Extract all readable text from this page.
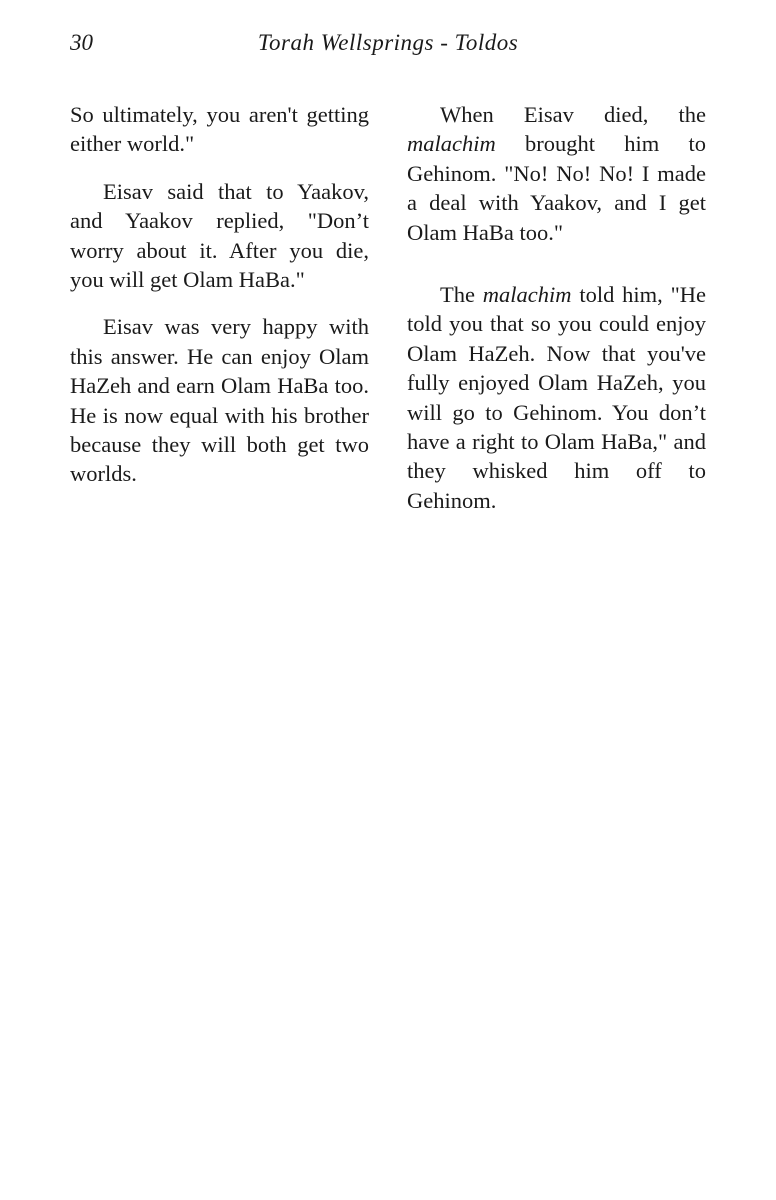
30	Torah Wellsprings - Toldos

So ultimately, you aren't getting either world."

Eisav said that to Yaakov, and Yaakov replied, "Don’t worry about it. After you die, you will get Olam HaBa."

Eisav was very happy with this answer. He can enjoy Olam HaZeh and earn Olam HaBa too. He is now equal with his brother because they will both get two worlds.

When Eisav died, the malachim brought him to Gehinom. "No! No! No! I made a deal with Yaakov, and I get Olam HaBa too."

The malachim told him, "He told you that so you could enjoy Olam HaZeh. Now that you've fully enjoyed Olam HaZeh, you will go to Gehinom. You don’t have a right to Olam HaBa," and they whisked him off to Gehinom.
